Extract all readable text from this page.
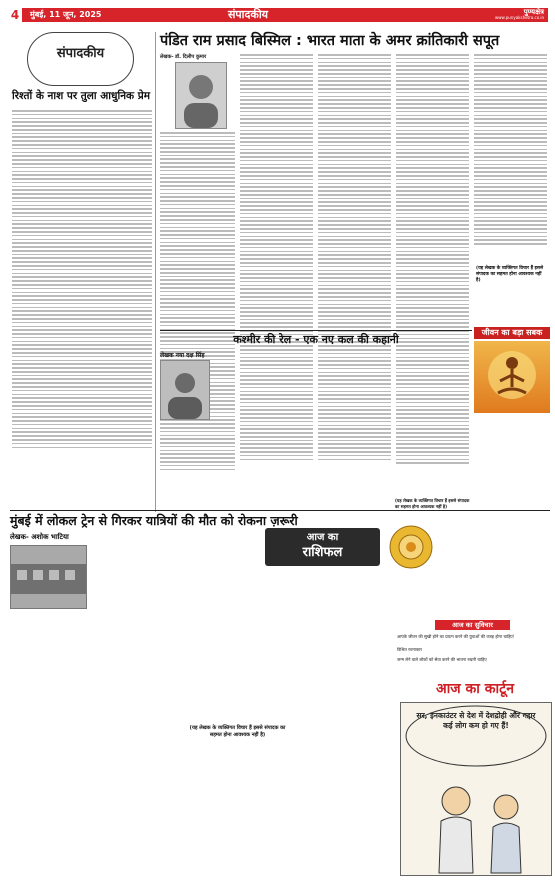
4	मुंबई, 11 जून, 2025	संपादकीय	पुण्यक्षेत्र
www.punyakshetra.co.in
संपादकीय
रिश्तों के नाश पर तुला आधुनिक प्रेम
पंडित राम प्रसाद बिस्मिल : भारत माता के अमर क्रांतिकारी सपूत
लेखक- डॉ. दिलीप कुमार
(यह लेखक के व्यक्तिगत विचार हैं इससे संपादक का सहमत होना आवश्यक नहीं है)
कश्मीर की रेल - एक नए कल की कहानी
लेखक नया दक्ष सिंह
(यह लेखक के व्यक्तिगत विचार हैं इससे संपादक का सहमत होना आवश्यक नहीं है)
जीवन का बड़ा सबक
मुंबई में लोकल ट्रेन से गिरकर यात्रियों की मौत को रोकना ज़रूरी
लेखक- अशोक भाटिया
(यह लेखक के व्यक्तिगत विचार हैं इससे संपादक का सहमत होना आवश्यक नहीं है)
आज का
राशिफल
आज का सुविचार
आपके जीवन की सुखी होने का प्रयत्न करने की युवाओं की वजह होना चाहिए!
विश्रित रचनाकार
जन्म लेने वाले लोकों को सेवा करने की भावना रखनी चाहिए
आज का कार्टून
सर, इनकाउंटर से देश में देशद्रोही और गद्दार कई लोग कम हो गए हैं!
